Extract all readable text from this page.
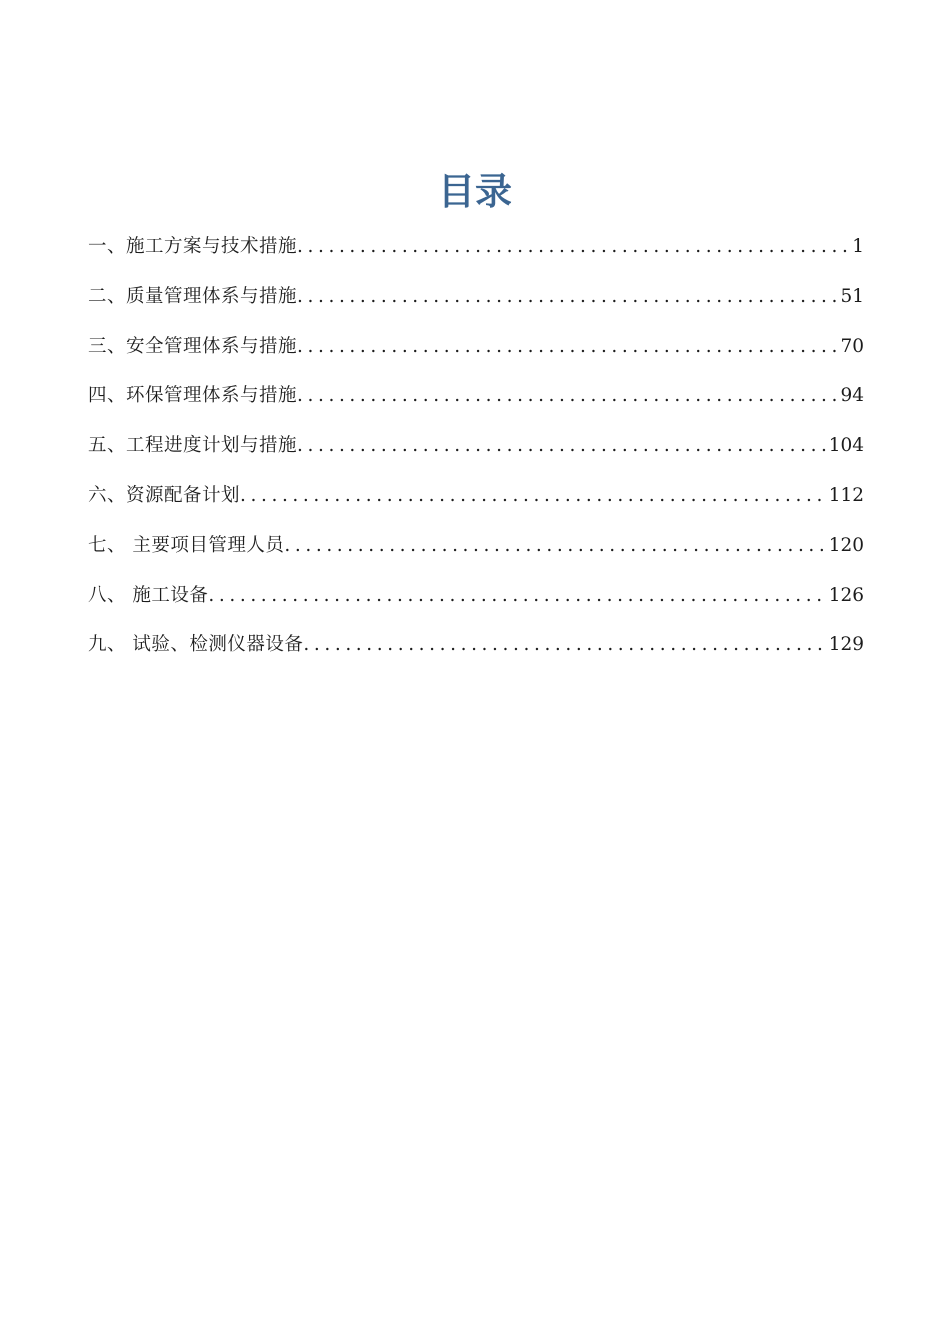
目录
一、施工方案与技术措施 .....	1
二、质量管理体系与措施 .....	51
三、安全管理体系与措施 .....	70
四、环保管理体系与措施 .....	94
五、工程进度计划与措施 .....	104
六、资源配备计划 .....	112
七、 主要项目管理人员 .....	120
八、 施工设备 .....	126
九、 试验、检测仪器设备 .....	129
